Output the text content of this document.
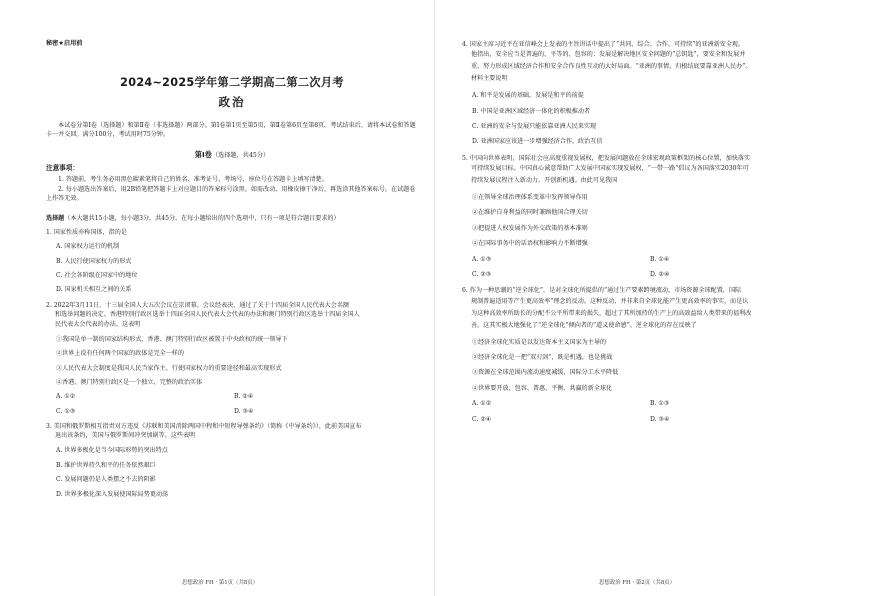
秘密★启用前
2024~2025学年第二学期高二第二次月考
政治
本试卷分第Ⅰ卷（选择题）和第Ⅱ卷（非选择题）两部分。第Ⅰ卷第1页至第5页，第Ⅱ卷第6页至第8页。考试结束后，请将本试卷和答题卡一并交回。满分100分，考试用时75分钟。
第Ⅰ卷（选择题，共45分）
注意事项：
1. 答题前，考生务必用黑色碳素笔将自己的姓名、准考证号、考场号、座位号在答题卡上填写清楚。
2. 每小题选出答案后，用2B铅笔把答题卡上对应题目的答案标号涂黑。如需改动，用橡皮擦干净后，再选涂其他答案标号。在试题卷上作答无效。
选择题（本大题共15小题，每小题3分，共45分。在每小题给出的四个选项中，只有一项是符合题目要求的）
1. 国家性质亦称国体，指的是
A. 国家权力运行的机制
B. 人民行使国家权力的形式
C. 社会各阶级在国家中的地位
D. 国家机关相互之间的关系
2. 2022年3月11日，十三届全国人大五次会议在京闭幕。会议经表决，通过了关于十四届全国人民代表大会名额
和选举问题的决定、香港特别行政区选举十四届全国人民代表大会代表的办法和澳门特别行政区选举十四届全国人
民代表大会代表的办法。这表明
①我国是单一制的国家结构形式，香港、澳门特别行政区被置于中央政权的统一领导下
②世界上没有任何两个国家的政体是完全一样的
③人民代表大会制度是我国人民当家作主、行使国家权力的重要途径和最高实现形式
④香港、澳门特别行政区是一个独立、完整的政治实体
A. ①②	B. ②④
C. ①③	D. ③④
3. 美国和俄罗斯相互指责对方违反《苏联和美国消除两国中程和中短程导弹条约》（简称《中导条约》），此前美国宣布
退出该条约，美国与俄罗斯间冲突加剧等。这些表明
A. 世界多极化是当今国际形势的突出特点
B. 维护世界持久和平的任务依然艰巨
C. 发展问题仍是人类摆之不去的阴影
D. 世界多极化深入发展使国际局势更动荡
思想政治 FH · 第1页（共8页）
4. 国家主席习近平在亚信峰会上发表的主旨讲话中提出了“共同、综合、合作、可持续”的亚洲新安全观。
他指出，安全应当是普遍的、平等的、包容的；发展是解决地区安全问题的“总钥匙”，要安全和发展并
重，努力形成区域经济合作和安全合作良性互动的大好局面。“亚洲的事情，归根结底要靠亚洲人民办”。
材料主要说明
A. 和平是发展的基础，发展是和平的前提
B. 中国是亚洲区域经济一体化的积极推动者
C. 亚洲的安全与发展只能依靠亚洲人民来实现
D. 亚洲国家应该进一步增强经济合作，政治互信
5. 中国向世界表明，国际社会应高度重视发展权，把发展问题放在全球宏观政策框架的核心位置，加快落实
可持续发展目标。中国真心诚意帮助广大发展中国家实现发展权，“一带一路”倡议为各国落实2030年可
持续发展议程注入新动力，开创新机遇。由此可见我国
①在领导全球治理体系变革中发挥领导作用
②在维护自身利益的同时兼顾他国合理关切
③把提进人权发展作为外交政策的基本准则
④在国际事务中的话语权和影响力不断增强
A. ①③	B. ①④
C. ②③	D. ②④
6. 作为一种思潮的“逆全球化”，是对全球化所提倡的“通过生产要素跨境流动、市场资源全球配置，国际
规制普遍适用等产生更高效率”理念的反动。这种反动，并非来自全球化能产生更高效率的事实，而是认
为这种高效率所助长的分配不公平所带来的损失，超过了其所加持的生产上的高效益给人类带来的福利改
善。这其实极大地强化了“逆全球化”倾向者的“道义使命感”。逆全球化的存在反映了
①经济全球化实质是以发达资本主义国家为主导的
②经济全球化是一把“双刃剑”，既是机遇，也是挑战
③资源在全球范围内流动速度减缓，国际分工水平降低
④世界要开放、包容、普惠、平衡、共赢的新全球化
A. ①②	B. ①③
C. ②④	D. ③④
思想政治 FH · 第2页（共8页）
